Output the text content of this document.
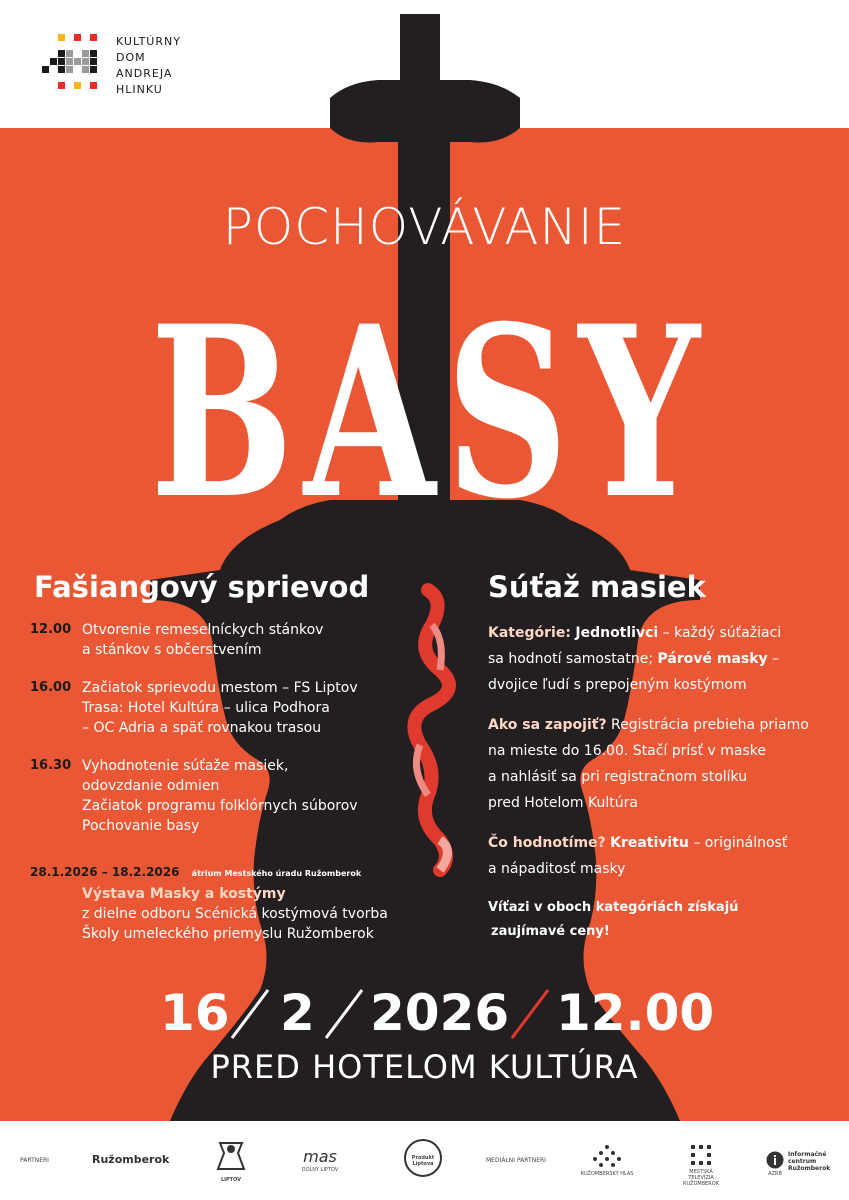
KULTÚRNY
DOM
ANDREJA
HLINKU
POCHOVÁVANIE
BASY
Fašiangový sprievod
12.00 Otvorenie remeselníckych stánkov
a stánkov s občerstvením
16.00 Začiatok sprievodu mestom – FS Liptov
Trasa: Hotel Kultúra – ulica Podhora
– OC Adria a späť rovnakou trasou
16.30 Vyhodnotenie súťaže masiek,
odovzdanie odmien
Začiatok programu folklórnych súborov
Pochovanie basy
28.1.2026 – 18.2.2026 átrium Mestského úradu Ružomberok
Výstava Masky a kostýmy
z dielne odboru Scénická kostýmová tvorba
Školy umeleckého priemyslu Ružomberok
Súťaž masiek

Kategórie: Jednotlivci – každý súťažiaci
sa hodnotí samostatne; Párové masky –
dvojice ľudí s prepojeným kostýmom

Ako sa zapojiť? Registrácia prebieha priamo
na mieste do 16.00. Stačí prísť v maske
a nahlásiť sa pri registračnom stolíku
pred Hotelom Kultúra

Čo hodnotíme? Kreativitu – originálnosť
a nápaditosť masky

Víťazi v oboch kategóriách získajú
zaujímavé ceny!

16 2 2026 12.00
PRED HOTELOM KULTÚRA
PARTNERI	Ružomberok
LIPTOV
mas
DOLNÝ LIPTOV
Produkt Liptova	MEDIÁLNI PARTNERI
RUŽOMBERSKÝ HLAS	MESTSKÁ TELEVÍZIA RUŽOMBEROK
Informačné
centrum
Ružomberok
AZRB
